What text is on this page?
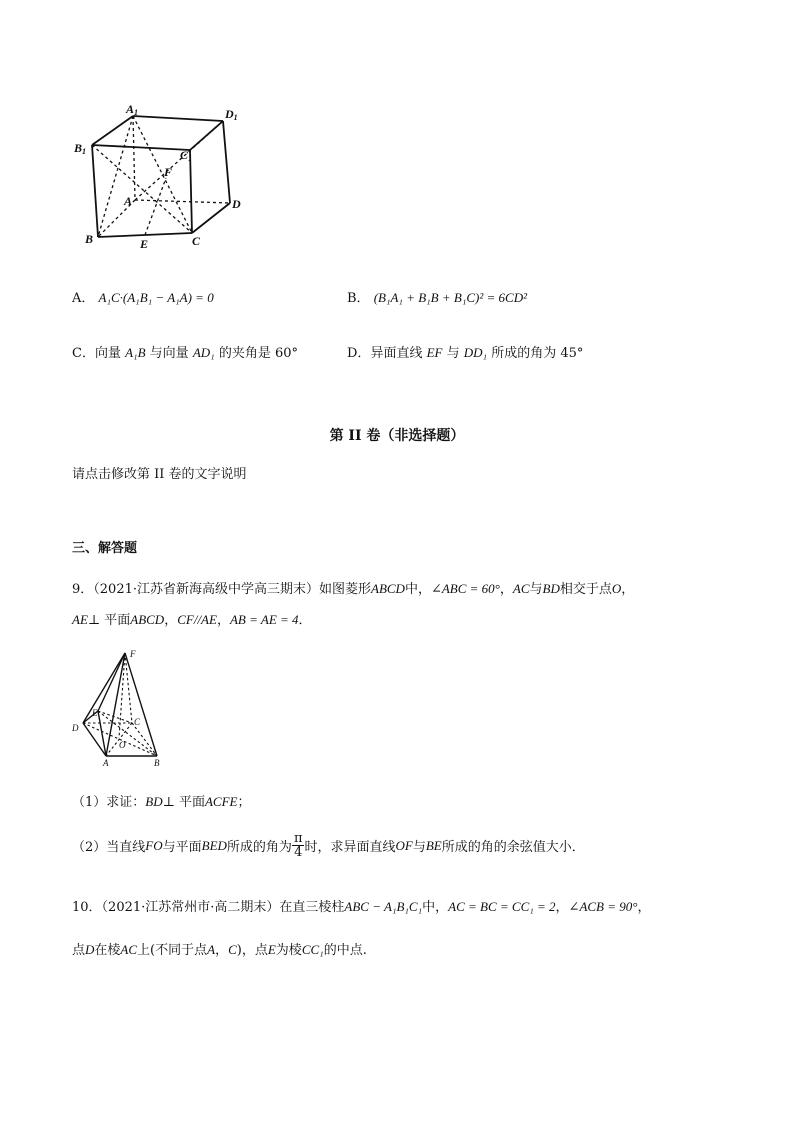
A1	D1
B1	C1
F
A	D
B	E	C
A． A₁C·(A₁B₁ − A₁A) = 0	B． (B₁A₁ + B₁B + B₁C)² = 6CD²
C．向量 A₁B 与向量 AD₁ 的夹角是 60°	D．异面直线 EF 与 DD₁ 所成的角为 45°
第 II 卷（非选择题）
请点击修改第 II 卷的文字说明
三、解答题
9．（2021·江苏省新海高级中学高三期末）如图菱形ABCD中，∠ABC = 60°，AC与BD相交于点O，
AE⊥ 平面ABCD，CF//AE，AB = AE = 4．
F
E
C
D
O
A	B
（1）求证：BD⊥ 平面ACFE；
（2）当直线 FO 与平面 BED 所成的角为 $\frac{\pi}{4}$ 时，求异面直线 OF 与 BE 所成的角的余弦值大小．
10．（2021·江苏常州市·高二期末）在直三棱柱ABC − A₁B₁C₁中，AC = BC = CC₁ = 2，∠ACB = 90°，
点D在棱AC上(不同于点A，C)，点E为棱CC₁的中点.
